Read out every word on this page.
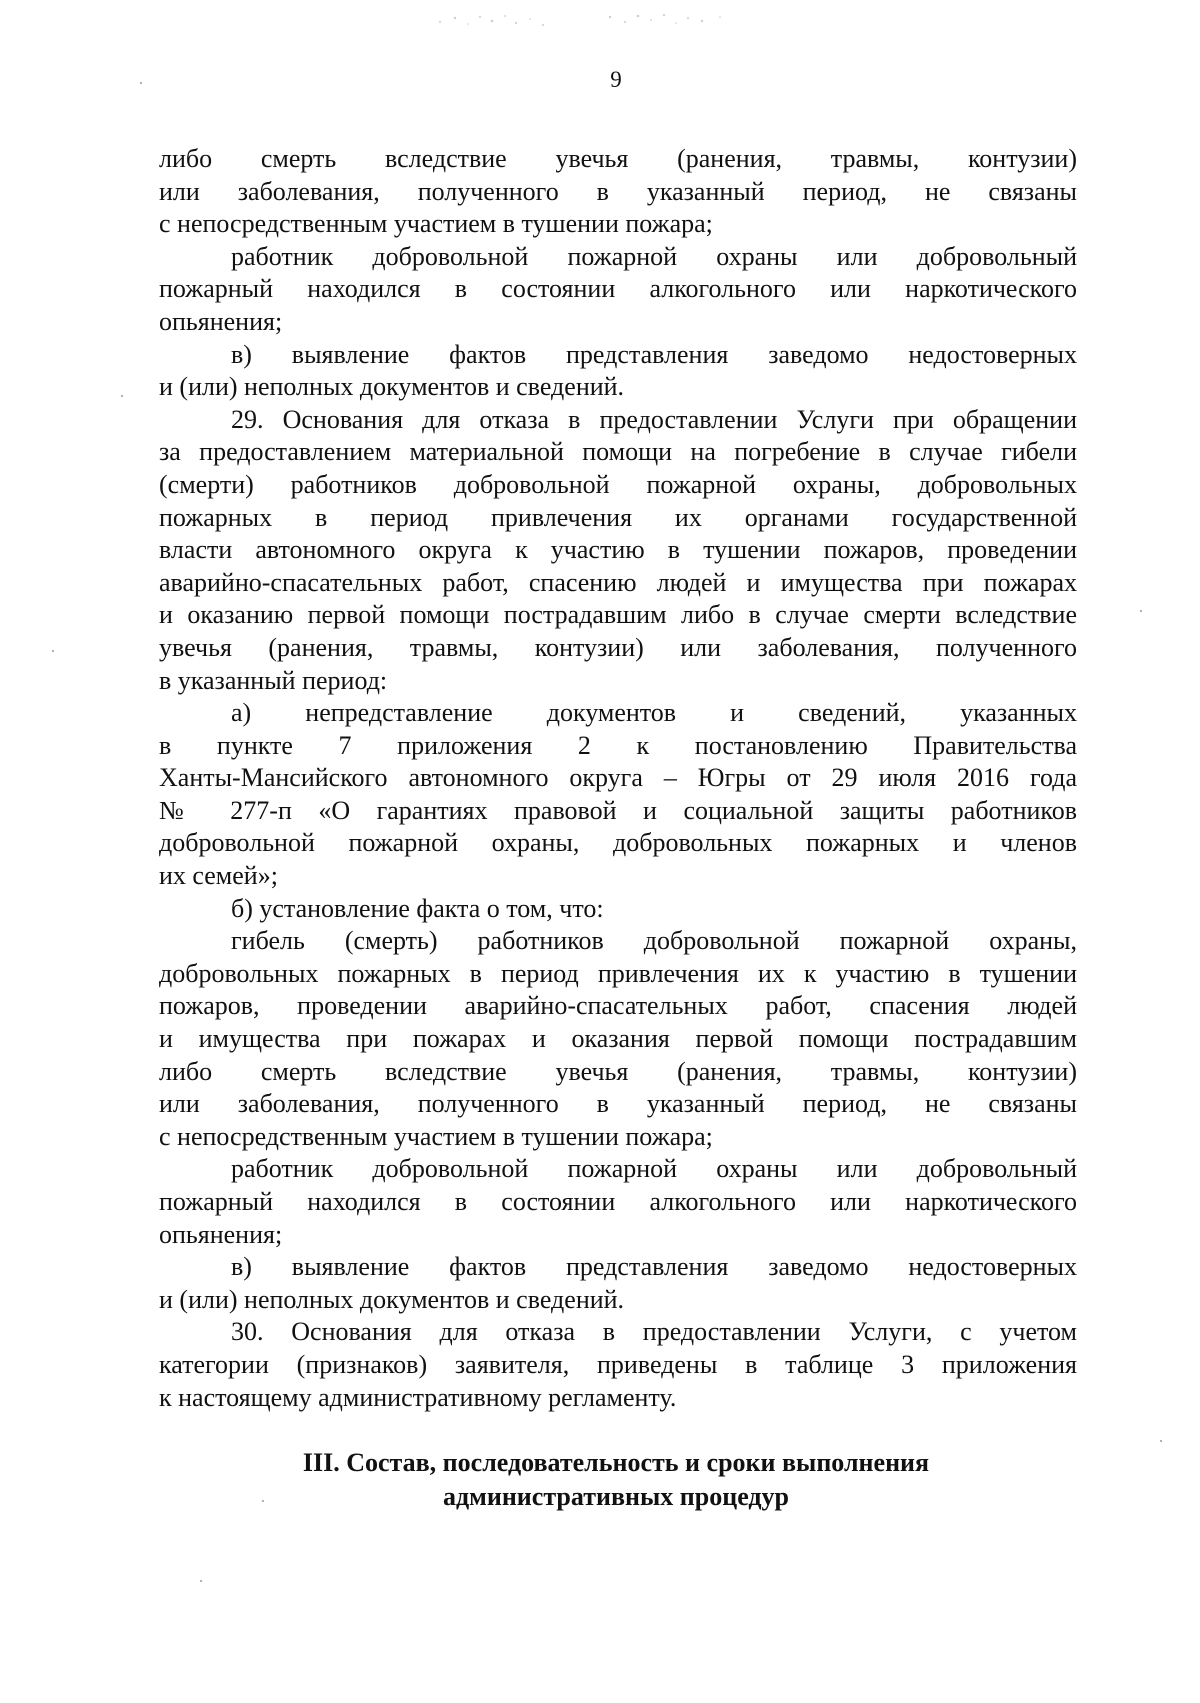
9
либо смерть вследствие увечья (ранения, травмы, контузии)
или заболевания, полученного в указанный период, не связаны
с непосредственным участием в тушении пожара;
работник добровольной пожарной охраны или добровольный
пожарный находился в состоянии алкогольного или наркотического
опьянения;
в) выявление фактов представления заведомо недостоверных
и (или) неполных документов и сведений.
29. Основания для отказа в предоставлении Услуги при обращении
за предоставлением материальной помощи на погребение в случае гибели
(смерти) работников добровольной пожарной охраны, добровольных
пожарных в период привлечения их органами государственной
власти автономного округа к участию в тушении пожаров, проведении
аварийно-спасательных работ, спасению людей и имущества при пожарах
и оказанию первой помощи пострадавшим либо в случае смерти вследствие
увечья (ранения, травмы, контузии) или заболевания, полученного
в указанный период:
а) непредставление документов и сведений, указанных
в пункте 7 приложения 2 к постановлению Правительства
Ханты-Мансийского автономного округа – Югры от 29 июля 2016 года
№ 277-п «О гарантиях правовой и социальной защиты работников
добровольной пожарной охраны, добровольных пожарных и членов
их семей»;
б) установление факта о том, что:
гибель (смерть) работников добровольной пожарной охраны,
добровольных пожарных в период привлечения их к участию в тушении
пожаров, проведении аварийно-спасательных работ, спасения людей
и имущества при пожарах и оказания первой помощи пострадавшим
либо смерть вследствие увечья (ранения, травмы, контузии)
или заболевания, полученного в указанный период, не связаны
с непосредственным участием в тушении пожара;
работник добровольной пожарной охраны или добровольный
пожарный находился в состоянии алкогольного или наркотического
опьянения;
в) выявление фактов представления заведомо недостоверных
и (или) неполных документов и сведений.
30. Основания для отказа в предоставлении Услуги, с учетом
категории (признаков) заявителя, приведены в таблице 3 приложения
к настоящему административному регламенту.
III. Состав, последовательность и сроки выполнения
административных процедур
